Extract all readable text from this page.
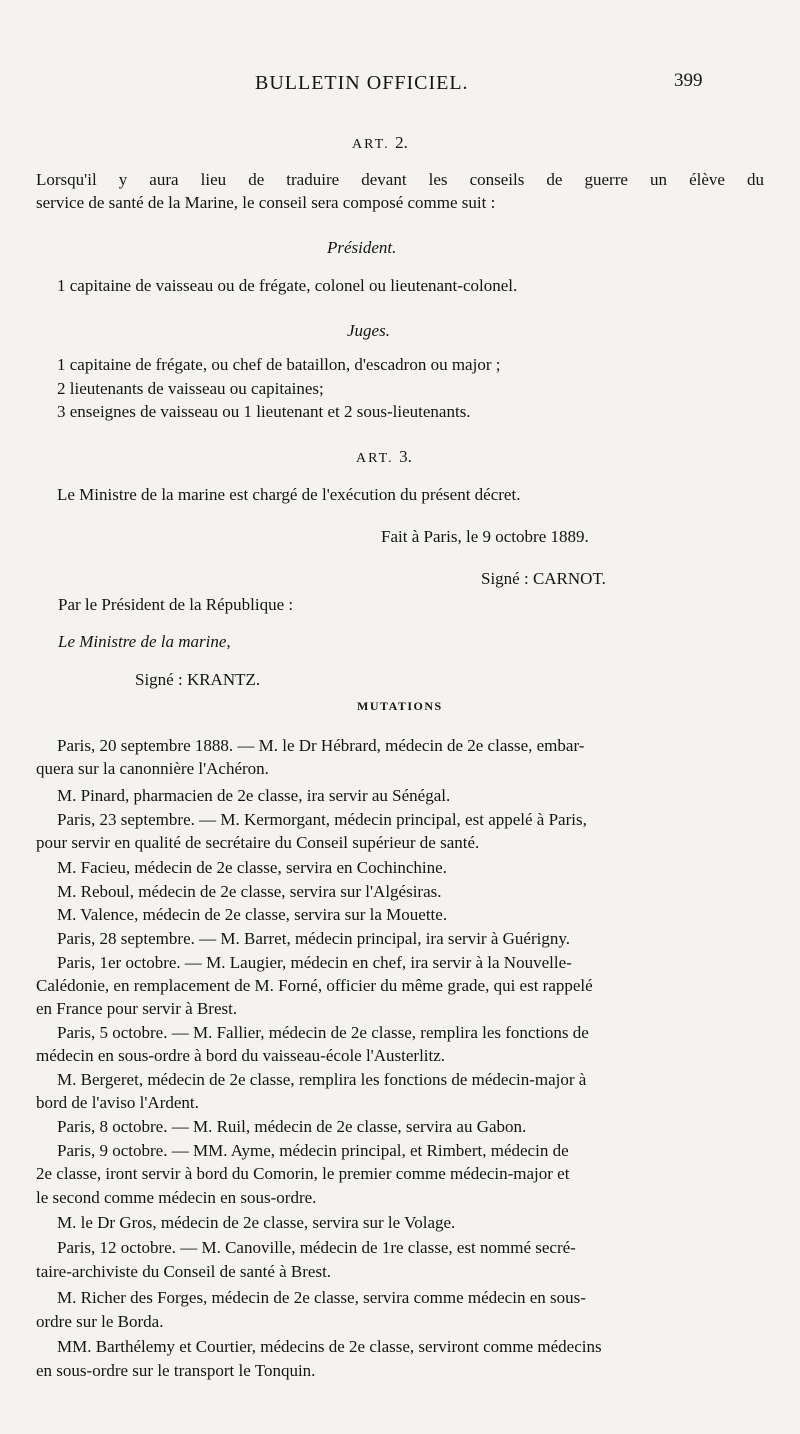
BULLETIN OFFICIEL.	399
ART. 2.
Lorsqu'il y aura lieu de traduire devant les conseils de guerre un élève du
service de santé de la Marine, le conseil sera composé comme suit :
Président.
1 capitaine de vaisseau ou de frégate, colonel ou lieutenant-colonel.
Juges.
1 capitaine de frégate, ou chef de bataillon, d'escadron ou major ;
2 lieutenants de vaisseau ou capitaines;
3 enseignes de vaisseau ou 1 lieutenant et 2 sous-lieutenants.
ART. 3.
Le Ministre de la marine est chargé de l'exécution du présent décret.
Fait à Paris, le 9 octobre 1889.
Signé : CARNOT.
Par le Président de la République :
Le Ministre de la marine,
Signé : KRANTZ.
MUTATIONS
Paris, 20 septembre 1888. — M. le Dr Hébrard, médecin de 2e classe, embar-
quera sur la canonnière l'Achéron.
M. Pinard, pharmacien de 2e classe, ira servir au Sénégal.
Paris, 23 septembre. — M. Kermorgant, médecin principal, est appelé à Paris,
pour servir en qualité de secrétaire du Conseil supérieur de santé.
M. Facieu, médecin de 2e classe, servira en Cochinchine.
M. Reboul, médecin de 2e classe, servira sur l'Algésiras.
M. Valence, médecin de 2e classe, servira sur la Mouette.
Paris, 28 septembre. — M. Barret, médecin principal, ira servir à Guérigny.
Paris, 1er octobre. — M. Laugier, médecin en chef, ira servir à la Nouvelle-
Calédonie, en remplacement de M. Forné, officier du même grade, qui est rappelé
en France pour servir à Brest.
Paris, 5 octobre. — M. Fallier, médecin de 2e classe, remplira les fonctions de
médecin en sous-ordre à bord du vaisseau-école l'Austerlitz.
M. Bergeret, médecin de 2e classe, remplira les fonctions de médecin-major à
bord de l'aviso l'Ardent.
Paris, 8 octobre. — M. Ruil, médecin de 2e classe, servira au Gabon.
Paris, 9 octobre. — MM. Ayme, médecin principal, et Rimbert, médecin de
2e classe, iront servir à bord du Comorin, le premier comme médecin-major et
le second comme médecin en sous-ordre.
M. le Dr Gros, médecin de 2e classe, servira sur le Volage.
Paris, 12 octobre. — M. Canoville, médecin de 1re classe, est nommé secré-
taire-archiviste du Conseil de santé à Brest.
M. Richer des Forges, médecin de 2e classe, servira comme médecin en sous-
ordre sur le Borda.
MM. Barthélemy et Courtier, médecins de 2e classe, serviront comme médecins
en sous-ordre sur le transport le Tonquin.
